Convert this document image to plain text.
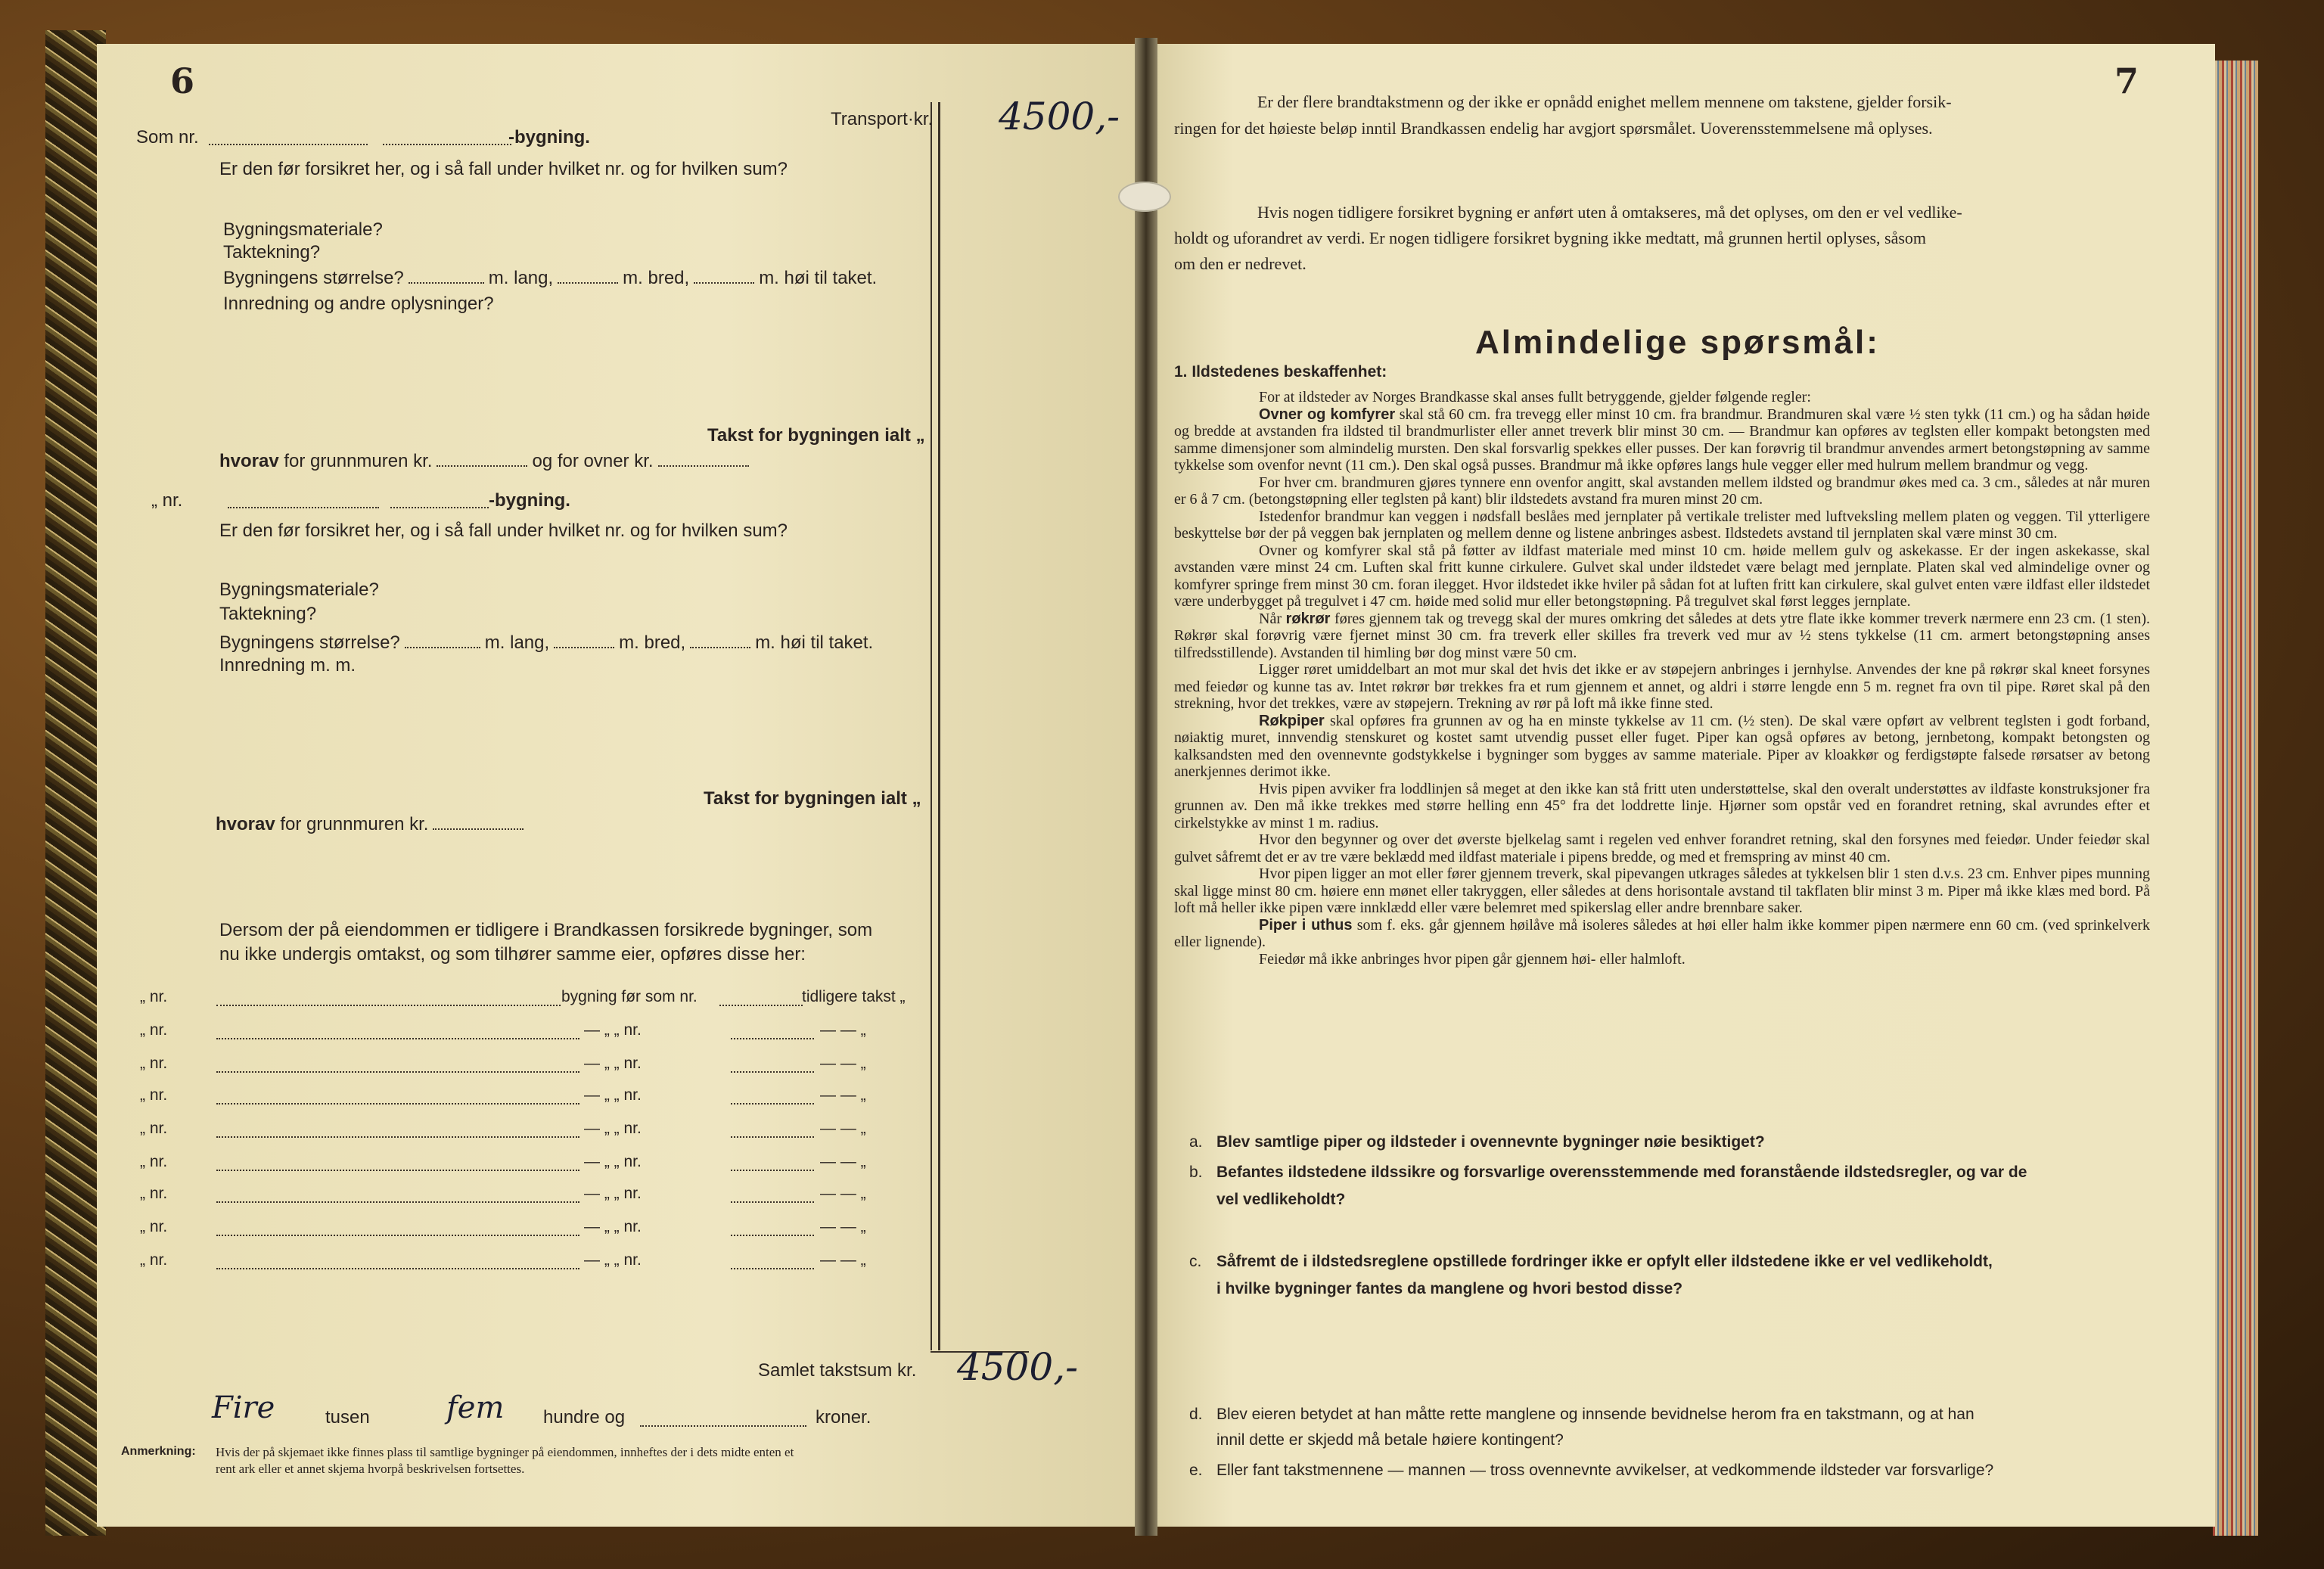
6
Transport·kr. 4500,-
Som nr.	-bygning.
Er den før forsikret her, og i så fall under hvilket nr. og for hvilken sum?
Bygningsmateriale?
Taktekning?
Bygningens størrelse?	m. lang,	m. bred,	m. høi til taket.
Innredning og andre oplysninger?
Takst for bygningen ialt „
hvorav for grunnmuren kr.	og for ovner kr.
„ nr.	-bygning.
Er den før forsikret her, og i så fall under hvilket nr. og for hvilken sum?
Bygningsmateriale?
Taktekning?
Bygningens størrelse?	m. lang,	m. bred,	m. høi til taket.
Innredning m. m.
Takst for bygningen ialt „
hvorav for grunnmuren kr.
Dersom der på eiendommen er tidligere i Brandkassen forsikrede bygninger, som
nu ikke undergis omtakst, og som tilhører samme eier, opføres disse her:
„ nr.	bygning før som nr.	tidligere takst „
„ nr.	— „ „ nr.	— — „
„ nr.	— „ „ nr.	— — „
„ nr.	— „ „ nr.	— — „
„ nr.	— „ „ nr.	— — „
„ nr.	— „ „ nr.	— — „
„ nr.	— „ „ nr.	— — „
„ nr.	— „ „ nr.	— — „
„ nr.	— „ „ nr.	— — „
Samlet takstsum kr. 4500,-
Fire	tusen	fem hundre og	kroner.
Anmerkning: Hvis der på skjemaet ikke finnes plass til samtlige bygninger på eiendommen, innheftes der i dets midte enten et
rent ark eller et annet skjema hvorpå beskrivelsen fortsettes.
7
Er der flere brandtakstmenn og der ikke er opnådd enighet mellem mennene om takstene, gjelder forsik-
ringen for det høieste beløp inntil Brandkassen endelig har avgjort spørsmålet. Uoverensstemmelsene må oplyses.
Hvis nogen tidligere forsikret bygning er anført uten å omtakseres, må det oplyses, om den er vel vedlike-
holdt og uforandret av verdi. Er nogen tidligere forsikret bygning ikke medtatt, må grunnen hertil oplyses, såsom
om den er nedrevet.
Almindelige spørsmål:
1. Ildstedenes beskaffenhet:

For at ildsteder av Norges Brandkasse skal anses fullt betryggende, gjelder følgende regler:

Ovner og komfyrer skal stå 60 cm. fra trevegg eller minst 10 cm. fra brandmur. Brandmuren skal være ½ sten tykk (11 cm.) og ha sådan høide og bredde at avstanden fra ildsted til brandmurlister eller annet treverk blir minst 30 cm. — Brandmur kan opføres av teglsten eller kompakt betongsten med samme dimensjoner som almindelig mursten. Den skal forsvarlig spekkes eller pusses. Der kan forøvrig til brandmur anvendes armert betongstøpning av samme tykkelse som ovenfor nevnt (11 cm.). Den skal også pusses. Brandmur må ikke opføres langs hule vegger eller med hulrum mellem brandmur og vegg.

For hver cm. brandmuren gjøres tynnere enn ovenfor angitt, skal avstanden mellem ildsted og brandmur økes med ca. 3 cm., således at når muren er 6 å 7 cm. (betongstøpning eller teglsten på kant) blir ildstedets avstand fra muren minst 20 cm.

Istedenfor brandmur kan veggen i nødsfall beslåes med jernplater på vertikale trelister med luftveksling mellem platen og veggen. Til ytterligere beskyttelse bør der på veggen bak jernplaten og mellem denne og listene anbringes asbest. Ildstedets avstand til jernplaten skal være minst 30 cm.

Ovner og komfyrer skal stå på føtter av ildfast materiale med minst 10 cm. høide mellem gulv og askekasse. Er der ingen askekasse, skal avstanden være minst 24 cm. Luften skal fritt kunne cirkulere. Gulvet skal under ildstedet være belagt med jernplate. Platen skal ved almindelige ovner og komfyrer springe frem minst 30 cm. foran ilegget. Hvor ildstedet ikke hviler på sådan fot at luften fritt kan cirkulere, skal gulvet enten være ildfast eller ildstedet være underbygget på tregulvet i 47 cm. høide med solid mur eller betongstøpning. På tregulvet skal først legges jernplate.

Når røkrør føres gjennem tak og trevegg skal der mures omkring det således at dets ytre flate ikke kommer treverk nærmere enn 23 cm. (1 sten). Røkrør skal forøvrig være fjernet minst 30 cm. fra treverk eller skilles fra treverk ved mur av ½ stens tykkelse (11 cm. armert betongstøpning anses tilfredsstillende). Avstanden til himling bør dog minst være 50 cm.

Ligger røret umiddelbart an mot mur skal det hvis det ikke er av støpejern anbringes i jernhylse. Anvendes der kne på røkrør skal kneet forsynes med feiedør og kunne tas av. Intet røkrør bør trekkes fra et rum gjennem et annet, og aldri i større lengde enn 5 m. regnet fra ovn til pipe. Røret skal på den strekning, hvor det trekkes, være av støpejern. Trekning av rør på loft må ikke finne sted.

Røkpiper skal opføres fra grunnen av og ha en minste tykkelse av 11 cm. (½ sten). De skal være opført av velbrent teglsten i godt forband, nøiaktig muret, innvendig stenskuret og kostet samt utvendig pusset eller fuget. Piper kan også opføres av betong, jernbetong, kompakt betongsten og kalksandsten med den ovennevnte godstykkelse i bygninger som bygges av samme materiale. Piper av kloakkør og ferdigstøpte falsede rørsatser av betong anerkjennes derimot ikke.

Hvis pipen avviker fra loddlinjen så meget at den ikke kan stå fritt uten understøttelse, skal den overalt understøttes av ildfaste konstruksjoner fra grunnen av. Den må ikke trekkes med større helling enn 45° fra det loddrette linje. Hjørner som opstår ved en forandret retning, skal avrundes efter et cirkelstykke av minst 1 m. radius.

Hvor den begynner og over det øverste bjelkelag samt i regelen ved enhver forandret retning, skal den forsynes med feiedør. Under feiedør skal gulvet såfremt det er av tre være beklædd med ildfast materiale i pipens bredde, og med et fremspring av minst 40 cm.

Hvor pipen ligger an mot eller fører gjennem treverk, skal pipevangen utkrages således at tykkelsen blir 1 sten d.v.s. 23 cm. Enhver pipes munning skal ligge minst 80 cm. høiere enn mønet eller takryggen, eller således at dens horisontale avstand til takflaten blir minst 3 m. Piper må ikke klæs med bord. På loft må heller ikke pipen være innklædd eller være belemret med spikerslag eller andre brennbare saker.

Piper i uthus som f. eks. går gjennem høilåve må isoleres således at høi eller halm ikke kommer pipen nærmere enn 60 cm. (ved sprinkelverk eller lignende).

Feiedør må ikke anbringes hvor pipen går gjennem høi- eller halmloft.

a. Blev samtlige piper og ildsteder i ovennevnte bygninger nøie besiktiget?
b. Befantes ildstedene ildssikre og forsvarlige overensstemmende med foranstående ildstedsregler, og var de
vel vedlikeholdt?
c. Såfremt de i ildstedsreglene opstillede fordringer ikke er opfylt eller ildstedene ikke er vel vedlikeholdt,
i hvilke bygninger fantes da manglene og hvori bestod disse?
d. Blev eieren betydet at han måtte rette manglene og innsende bevidnelse herom fra en takstmann, og at han
innil dette er skjedd må betale høiere kontingent?
e. Eller fant takstmennene — mannen — tross ovennevnte avvikelser, at vedkommende ildsteder var forsvarlige?
